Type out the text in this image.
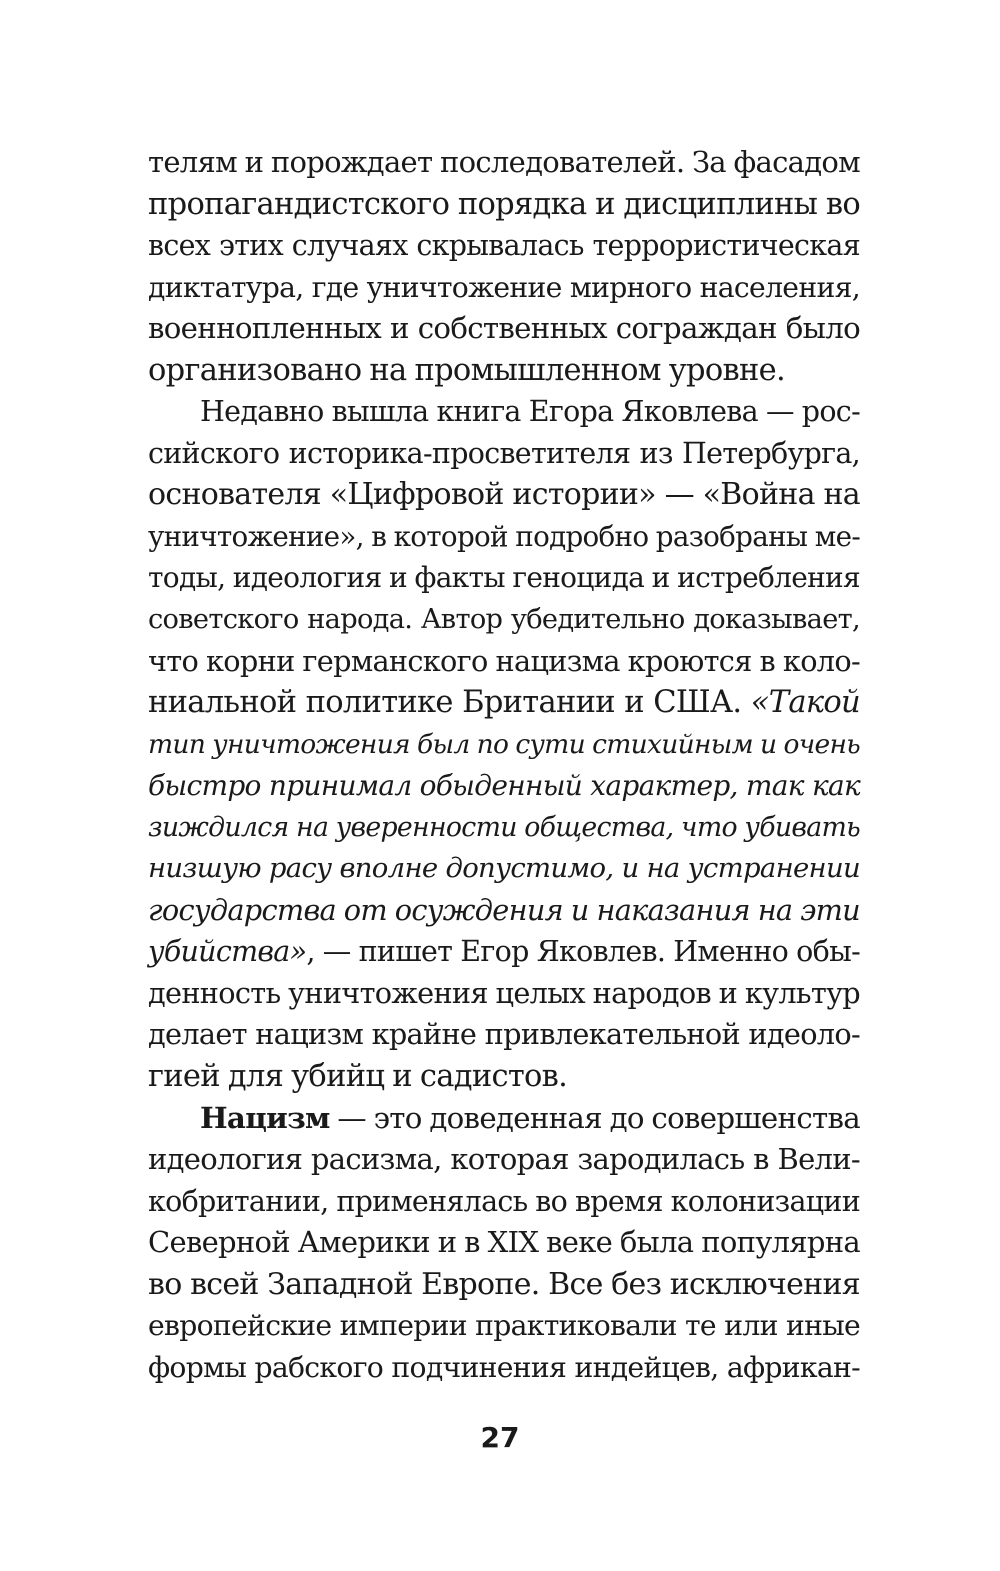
телям и порождает последователей. За фасадом
пропагандистского порядка и дисциплины во
всех этих случаях скрывалась террористическая
диктатура, где уничтожение мирного населения,
военнопленных и собственных сограждан было
организовано на промышленном уровне.
Недавно вышла книга Егора Яковлева — рос-
сийского историка-просветителя из Петербурга,
основателя «Цифровой истории» — «Война на
уничтожение», в которой подробно разобраны ме-
тоды, идеология и факты геноцида и истребления
советского народа. Автор убедительно доказывает,
что корни германского нацизма кроются в коло-
ниальной политике Британии и США. «Такой
тип уничтожения был по сути стихийным и очень
быстро принимал обыденный характер, так как
зиждился на уверенности общества, что убивать
низшую расу вполне допустимо, и на устранении
государства от осуждения и наказания на эти
убийства», — пишет Егор Яковлев. Именно обы-
денность уничтожения целых народов и культур
делает нацизм крайне привлекательной идеоло-
гией для убийц и садистов.
Нацизм — это доведенная до совершенства
идеология расизма, которая зародилась в Вели-
кобритании, применялась во время колонизации
Северной Америки и в XIX веке была популярна
во всей Западной Европе. Все без исключения
европейские империи практиковали те или иные
формы рабского подчинения индейцев, африкан-
27
